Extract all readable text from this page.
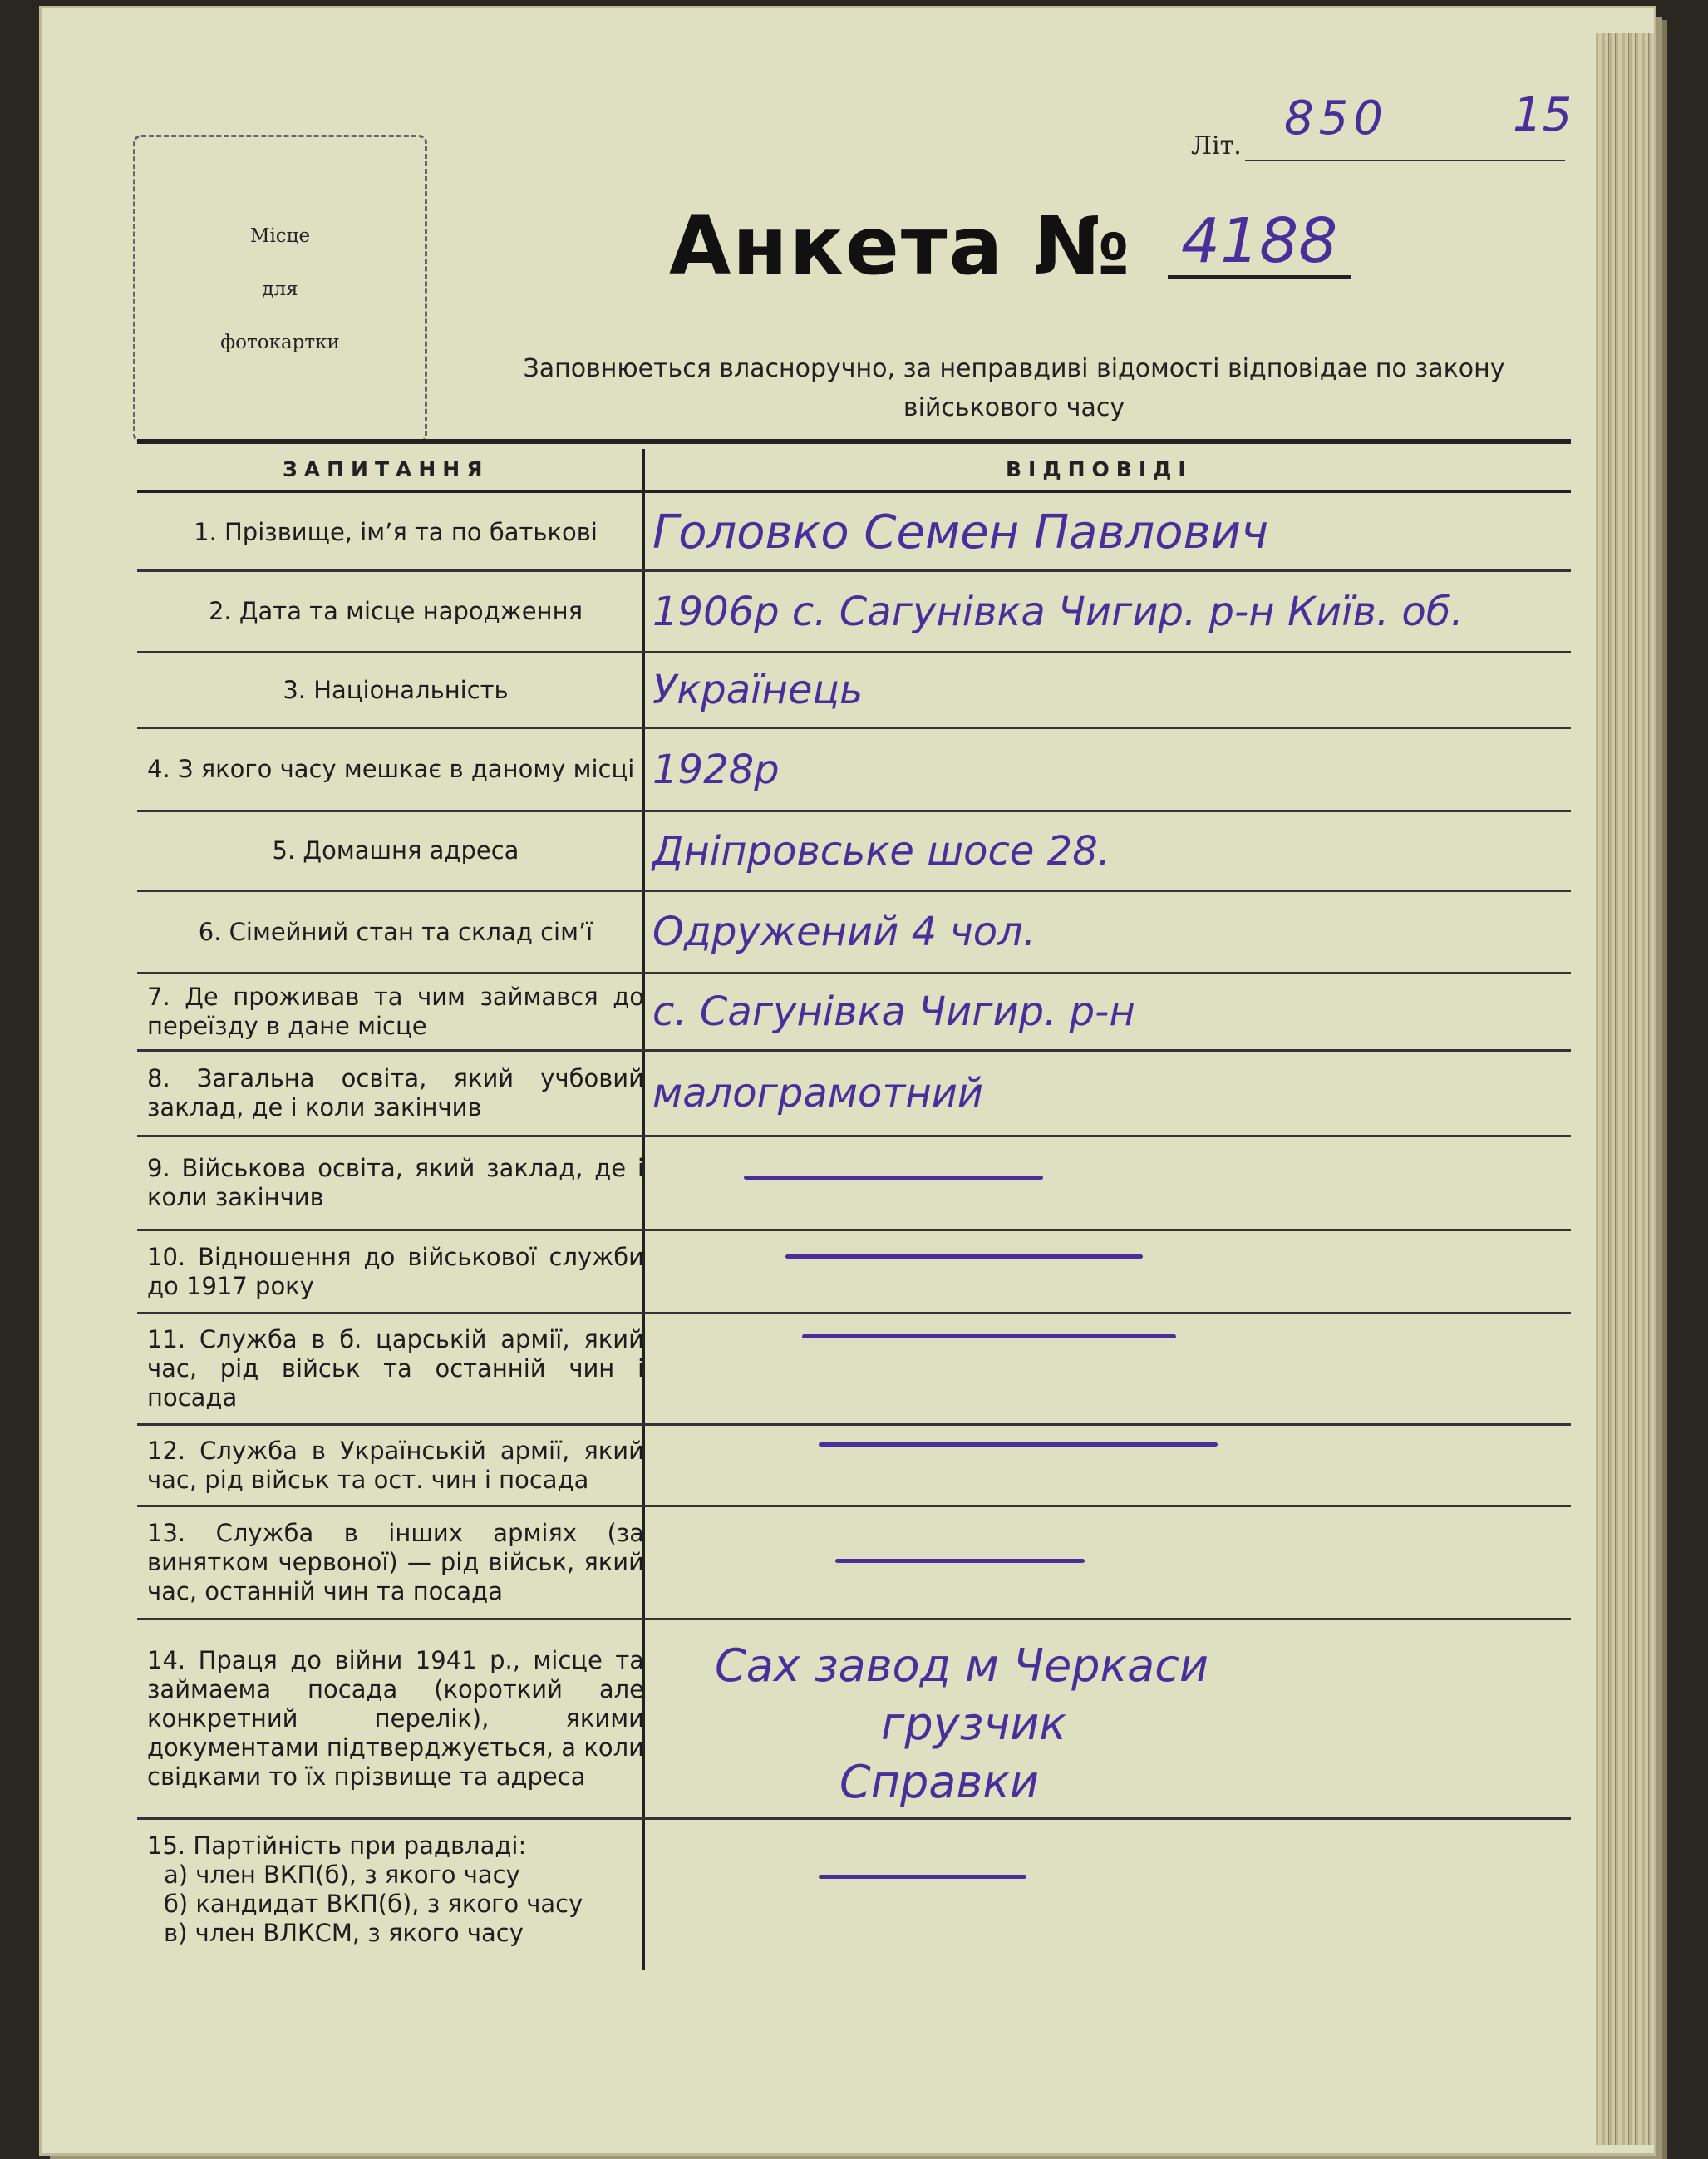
Літ.
850	15
Місце
для
фотокартки
Анкета № 4188
Заповнюеться власноручно, за неправдиві відомості відповідае по закону
військового часу
ЗАПИТАННЯ	ВІДПОВІДІ
1. Прізвище, імʼя та по батькові	Головко Семен Павлович
2. Дата та місце народження	1906р с. Сагунівка Чигир. р-н Київ. об.
3. Національність	Українець
4. З якого часу мешкає в даному місці 1928р
5. Домашня адреса	Дніпровське шосе 28.
6. Сімейний стан та склад сімʼї	Одружений 4 чол.
7. Де проживав та чим займався до переїзду в дане місце	с. Сагунівка Чигир. р-н
8. Загальна освіта, який учбовий заклад, де і коли закінчив	малограмотний
9. Військова освіта, який заклад, де і коли закінчив
10. Відношення до військової служби до 1917 року
11. Служба в б. царській армії, який час, рід військ та останній чин і посада
12. Служба в Українській армії, який час, рід військ та ост. чин і посада
13. Служба в інших арміях (за винятком червоної) — рід військ, який час, останній чин та посада
14. Праця до війни 1941 р., місце та займаема посада (короткий але конкретний перелік), якими документами підтверджується, а коли свідками то їх прізвище та адреса
Сах завод м Черкаси
грузчик
Справки
15. Партійність при радвладі:
а) член ВКП(б), з якого часу
б) кандидат ВКП(б), з якого часу
в) член ВЛКСМ, з якого часу
